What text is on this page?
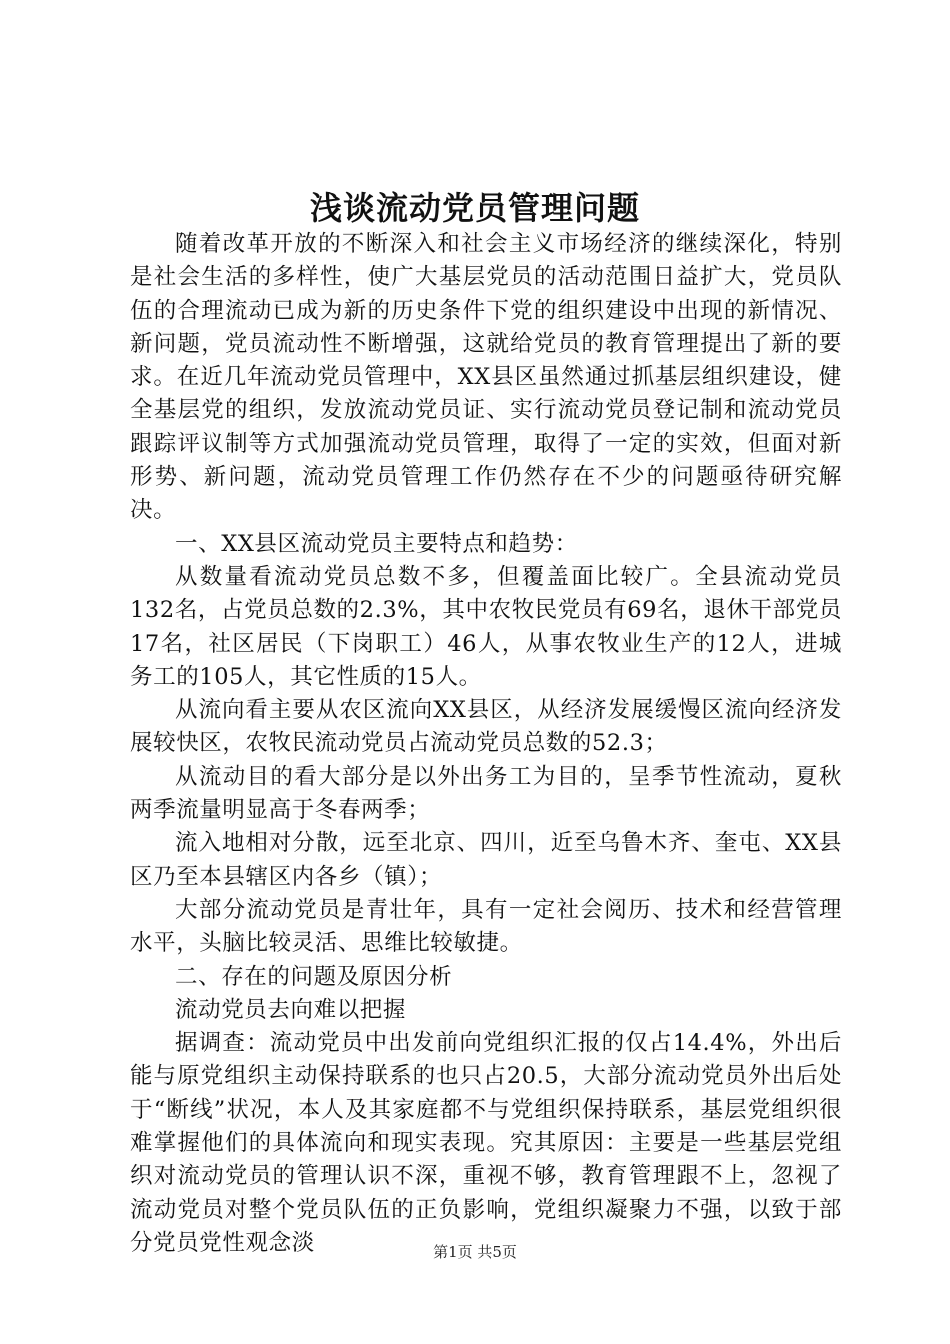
浅谈流动党员管理问题

随着改革开放的不断深入和社会主义市场经济的继续深化，特别是社会生活的多样性，使广大基层党员的活动范围日益扩大，党员队伍的合理流动已成为新的历史条件下党的组织建设中出现的新情况、新问题，党员流动性不断增强，这就给党员的教育管理提出了新的要求。在近几年流动党员管理中，XX县区虽然通过抓基层组织建设，健全基层党的组织，发放流动党员证、实行流动党员登记制和流动党员跟踪评议制等方式加强流动党员管理，取得了一定的实效，但面对新形势、新问题，流动党员管理工作仍然存在不少的问题亟待研究解决。

一、XX县区流动党员主要特点和趋势：

从数量看流动党员总数不多，但覆盖面比较广。全县流动党员132名，占党员总数的2.3%，其中农牧民党员有69名，退休干部党员17名，社区居民（下岗职工）46人，从事农牧业生产的12人，进城务工的105人，其它性质的15人。

从流向看主要从农区流向XX县区，从经济发展缓慢区流向经济发展较快区，农牧民流动党员占流动党员总数的52.3；

从流动目的看大部分是以外出务工为目的，呈季节性流动，夏秋两季流量明显高于冬春两季；

流入地相对分散，远至北京、四川，近至乌鲁木齐、奎屯、XX县区乃至本县辖区内各乡（镇）；

大部分流动党员是青壮年，具有一定社会阅历、技术和经营管理水平，头脑比较灵活、思维比较敏捷。

二、存在的问题及原因分析

流动党员去向难以把握

据调查：流动党员中出发前向党组织汇报的仅占14.4%，外出后能与原党组织主动保持联系的也只占20.5，大部分流动党员外出后处于“断线”状况，本人及其家庭都不与党组织保持联系，基层党组织很难掌握他们的具体流向和现实表现。究其原因：主要是一些基层党组织对流动党员的管理认识不深，重视不够，教育管理跟不上，忽视了流动党员对整个党员队伍的正负影响，党组织凝聚力不强，以致于部分党员党性观念淡	第1页 共5页
